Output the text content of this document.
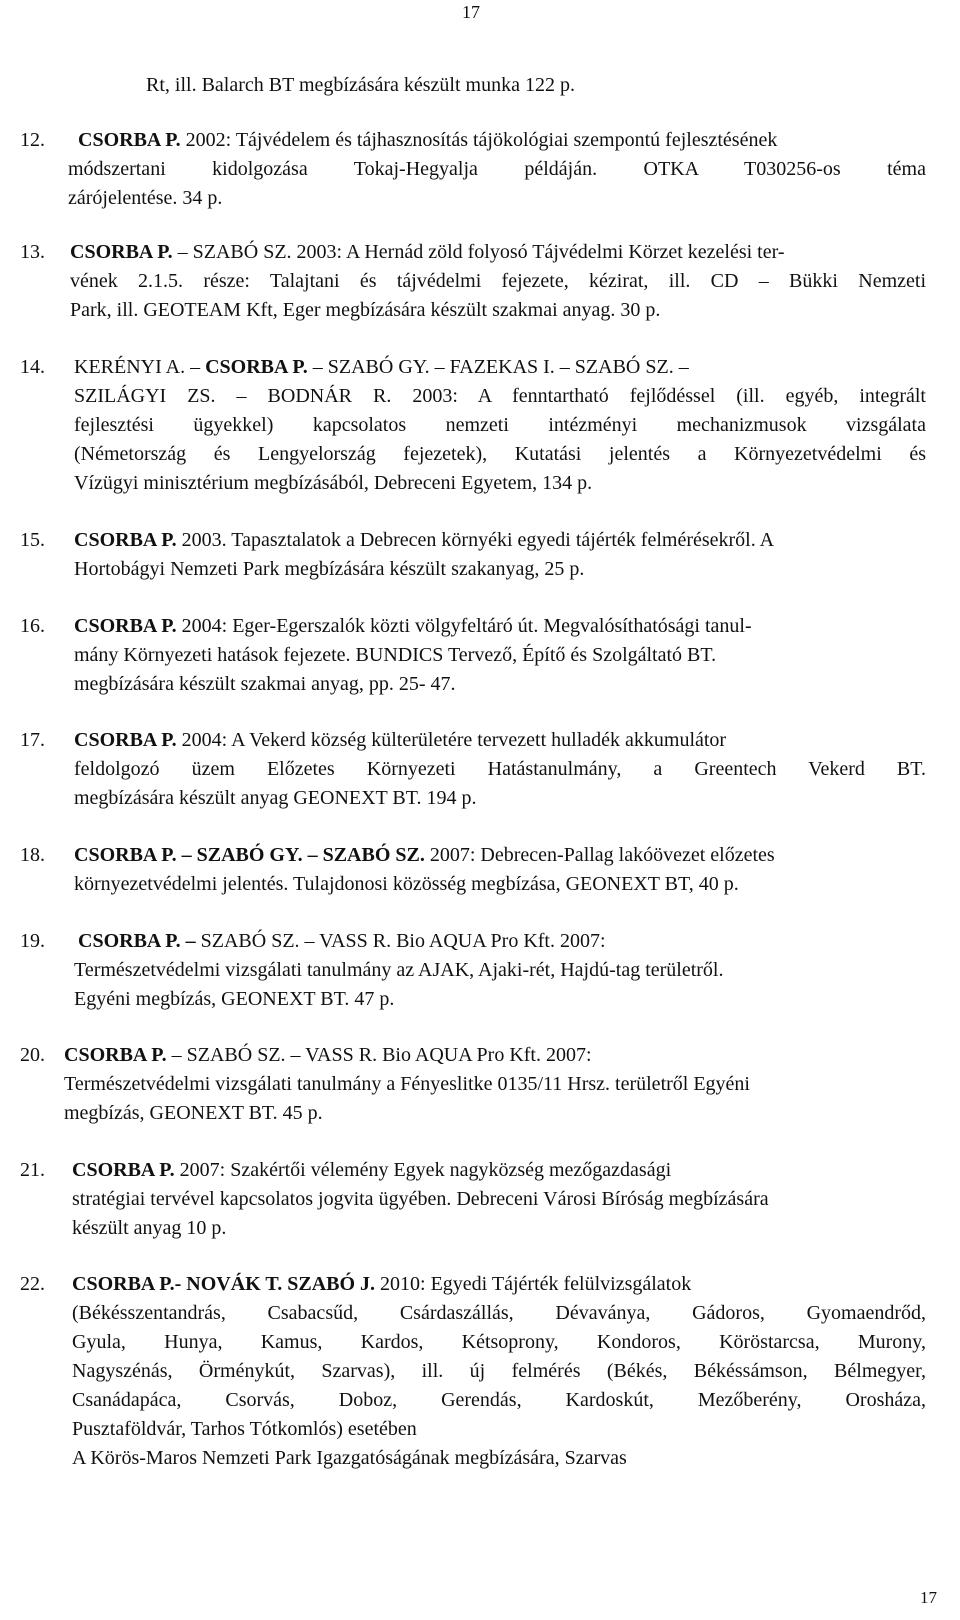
17
Rt, ill. Balarch BT megbízására készült munka 122 p.
12. CSORBA P. 2002: Tájvédelem és tájhasznosítás tájökológiai szempontú fejlesztésének
módszertani kidolgozása Tokaj-Hegyalja példáján. OTKA T030256-os téma
zárójelentése. 34 p.
13. CSORBA P. – SZABÓ SZ. 2003: A Hernád zöld folyosó Tájvédelmi Körzet kezelési ter-
vének 2.1.5. része: Talajtani és tájvédelmi fejezete, kézirat, ill. CD – Bükki Nemzeti
Park, ill. GEOTEAM Kft, Eger megbízására készült szakmai anyag. 30 p.
14. KERÉNYI A. – CSORBA P. – SZABÓ GY. – FAZEKAS I. – SZABÓ SZ. –
SZILÁGYI ZS. – BODNÁR R. 2003: A fenntartható fejlődéssel (ill. egyéb, integrált
fejlesztési ügyekkel) kapcsolatos nemzeti intézményi mechanizmusok vizsgálata
(Németország és Lengyelország fejezetek), Kutatási jelentés a Környezetvédelmi és
Vízügyi minisztérium megbízásából, Debreceni Egyetem, 134 p.
15. CSORBA P. 2003. Tapasztalatok a Debrecen környéki egyedi tájérték felmérésekről. A
Hortobágyi Nemzeti Park megbízására készült szakanyag, 25 p.
16. CSORBA P. 2004: Eger-Egerszalók közti völgyfeltáró út. Megvalósíthatósági tanul-
mány Környezeti hatások fejezete. BUNDICS Tervező, Építő és Szolgáltató BT.
megbízására készült szakmai anyag, pp. 25- 47.
17. CSORBA P. 2004: A Vekerd község külterületére tervezett hulladék akkumulátor
feldolgozó üzem Előzetes Környezeti Hatástanulmány, a Greentech Vekerd BT.
megbízására készült anyag GEONEXT BT. 194 p.
18. CSORBA P. – SZABÓ GY. – SZABÓ SZ. 2007: Debrecen-Pallag lakóövezet előzetes
környezetvédelmi jelentés. Tulajdonosi közösség megbízása, GEONEXT BT, 40 p.
19. CSORBA P. – SZABÓ SZ. – VASS R. Bio AQUA Pro Kft. 2007:
Természetvédelmi vizsgálati tanulmány az AJAK, Ajaki-rét, Hajdú-tag területről.
Egyéni megbízás, GEONEXT BT. 47 p.
20. CSORBA P. – SZABÓ SZ. – VASS R. Bio AQUA Pro Kft. 2007:
Természetvédelmi vizsgálati tanulmány a Fényeslitke 0135/11 Hrsz. területről Egyéni
megbízás, GEONEXT BT. 45 p.
21. CSORBA P. 2007: Szakértői vélemény Egyek nagyközség mezőgazdasági
stratégiai tervével kapcsolatos jogvita ügyében. Debreceni Városi Bíróság megbízására
készült anyag 10 p.
22. CSORBA P.- NOVÁK T. SZABÓ J. 2010: Egyedi Tájérték felülvizsgálatok
(Békésszentandrás, Csabacsűd, Csárdaszállás, Dévaványa, Gádoros, Gyomaendrőd,
Gyula, Hunya, Kamus, Kardos, Kétsoprony, Kondoros, Köröstarcsa, Murony,
Nagyszénás, Örménykút, Szarvas), ill. új felmérés (Békés, Békéssámson, Bélmegyer,
Csanádapáca, Csorvás, Doboz, Gerendás, Kardoskút, Mezőberény, Orosháza,
Pusztaföldvár, Tarhos Tótkomlós) esetében
A Körös-Maros Nemzeti Park Igazgatóságának megbízására, Szarvas
17
